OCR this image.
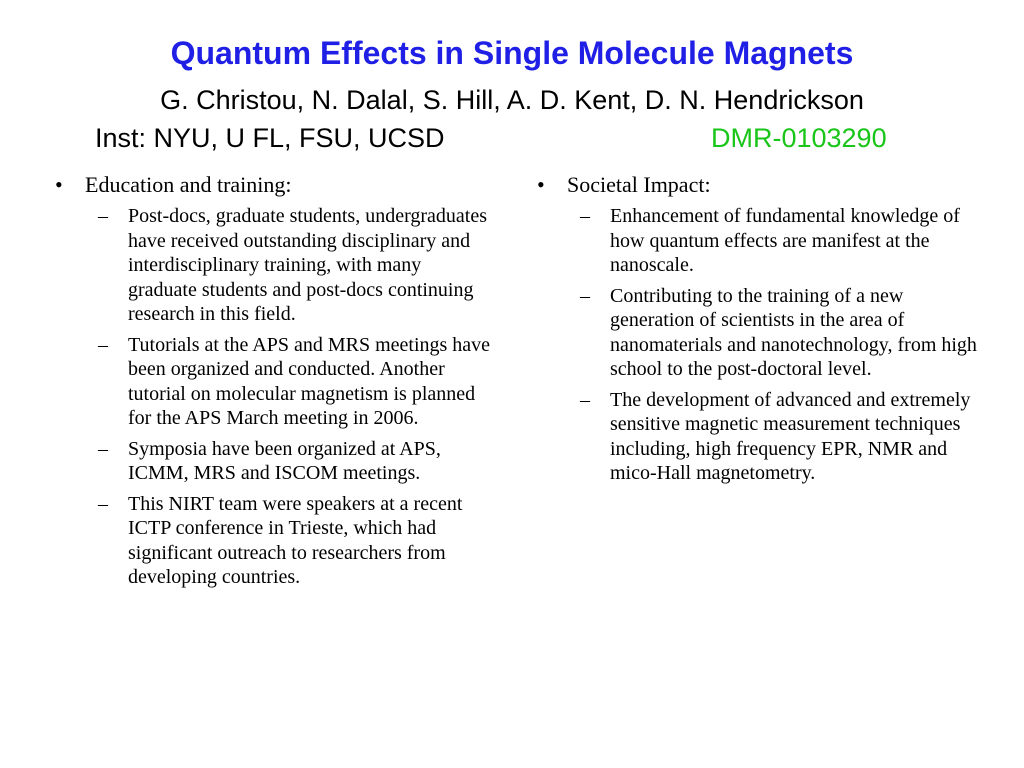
Quantum Effects in Single Molecule Magnets
G. Christou, N. Dalal, S. Hill, A. D. Kent, D. N. Hendrickson
Inst: NYU, U FL, FSU, UCSD	DMR-0103290
• Education and training:
– Post-docs, graduate students, undergraduates have received outstanding disciplinary and interdisciplinary training, with many graduate students and post-docs continuing research in this field.
– Tutorials at the APS and MRS meetings have been organized and conducted. Another tutorial on molecular magnetism is planned for the APS March meeting in 2006.
– Symposia have been organized at APS, ICMM, MRS and ISCOM meetings.
– This NIRT team were speakers at a recent ICTP conference in Trieste, which had significant outreach to researchers from developing countries.
• Societal Impact:
– Enhancement of fundamental knowledge of how quantum effects are manifest at the nanoscale.
– Contributing to the training of a new generation of scientists in the area of nanomaterials and nanotechnology, from high school to the post-doctoral level.
– The development of advanced and extremely sensitive magnetic measurement techniques including, high frequency EPR, NMR and mico-Hall magnetometry.
